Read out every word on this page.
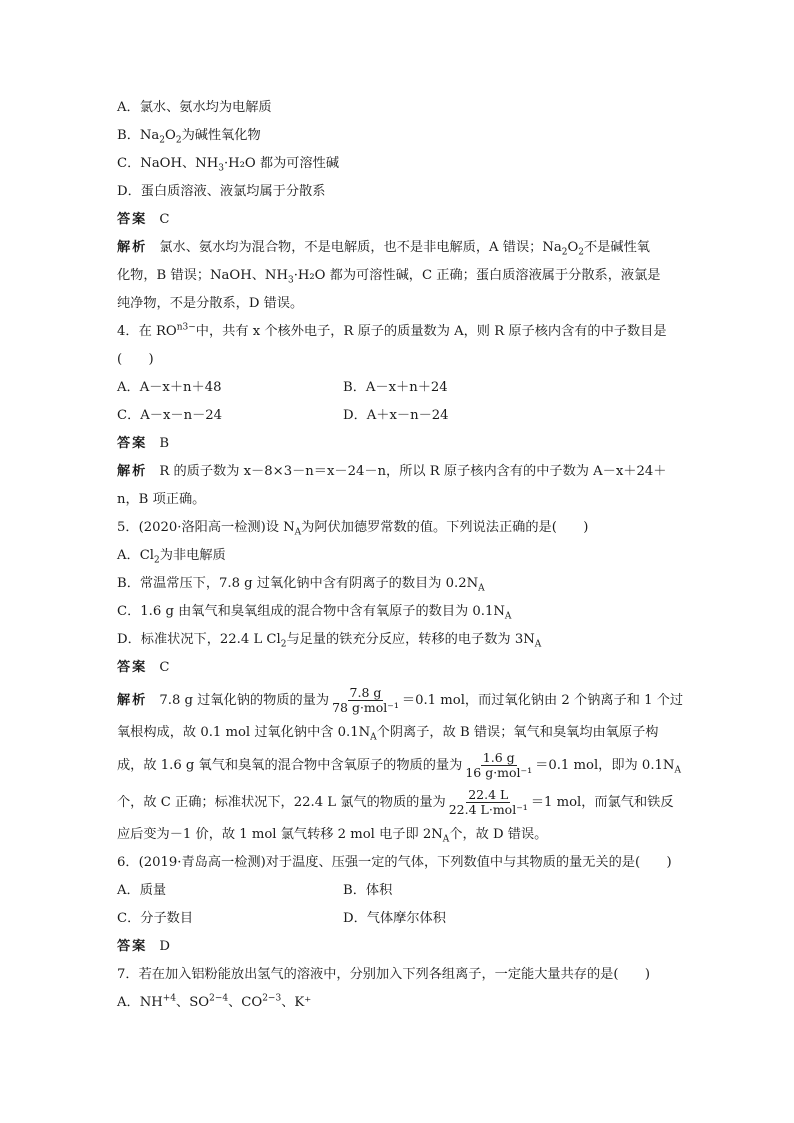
A．氯水、氨水均为电解质
B．$Na_2O_2$为碱性氧化物
C．NaOH、$NH_3\cdot H_2O$ 都为可溶性碱
D．蛋白质溶液、液氯均属于分散系
答案 C
解析 氯水、氨水均为混合物，不是电解质，也不是非电解质，A 错误；$Na_2O_2$不是碱性氧
化物，B 错误；NaOH、$NH_3\cdot H_2O$ 都为可溶性碱，C 正确；蛋白质溶液属于分散系，液氯是
纯净物，不是分散系，D 错误。
4．在 $RO^{n3-}$中，共有 x 个核外电子，R 原子的质量数为 A，则 R 原子核内含有的中子数目是
(　　)
A．A－x＋n＋48	B．A－x＋n＋24
C．A－x－n－24	D．A＋x－n－24
答案 B
解析 R 的质子数为 x－8×3－n＝x－24－n，所以 R 原子核内含有的中子数为 A－x＋24＋
n，B 项正确。
5．(2020·洛阳高一检测)设 $N_A$为阿伏加德罗常数的值。下列说法正确的是(　　)
A．$Cl_2$为非电解质
B．常温常压下，7.8 g 过氧化钠中含有阴离子的数目为 $0.2N_A$
C．1.6 g 由氧气和臭氧组成的混合物中含有氧原子的数目为 $0.1N_A$
D．标准状况下，22.4 L $Cl_2$与足量的铁充分反应，转移的电子数为 $3N_A$
答案 C
解析 7.8 g 过氧化钠的物质的量为 $\frac{7.8 g}{\text{78 g·mol⁻¹}} =0.1$ mol，而过氧化钠由 2 个钠离子和 1 个过
氧根构成，故 0.1 mol 过氧化钠中含 $0.1N_A$个阴离子，故 B 错误；氧气和臭氧均由氧原子构
成，故 1.6 g 氧气和臭氧的混合物中含氧原子的物质的量为 $\frac{1.6 g}{\text{16 g·mol⁻¹}} =0.1$ mol，即为 $0.1N_A$
个，故 C 正确；标准状况下，22.4 L 氯气的物质的量为 $\frac{22.4 L}{\text{22.4 L·mol⁻¹}} =1$ mol，而氯气和铁反
应后变为－1 价，故 1 mol 氯气转移 2 mol 电子即 $2N_A$个，故 D 错误。
6．(2019·青岛高一检测)对于温度、压强一定的气体，下列数值中与其物质的量无关的是(　　)
A．质量	B．体积
C．分子数目	D．气体摩尔体积
答案 D
7．若在加入铝粉能放出氢气的溶液中，分别加入下列各组离子，一定能大量共存的是(　　)
A．$NH^{+4}$、$SO^{2-4}$、$CO^{2-3}$、K⁺
